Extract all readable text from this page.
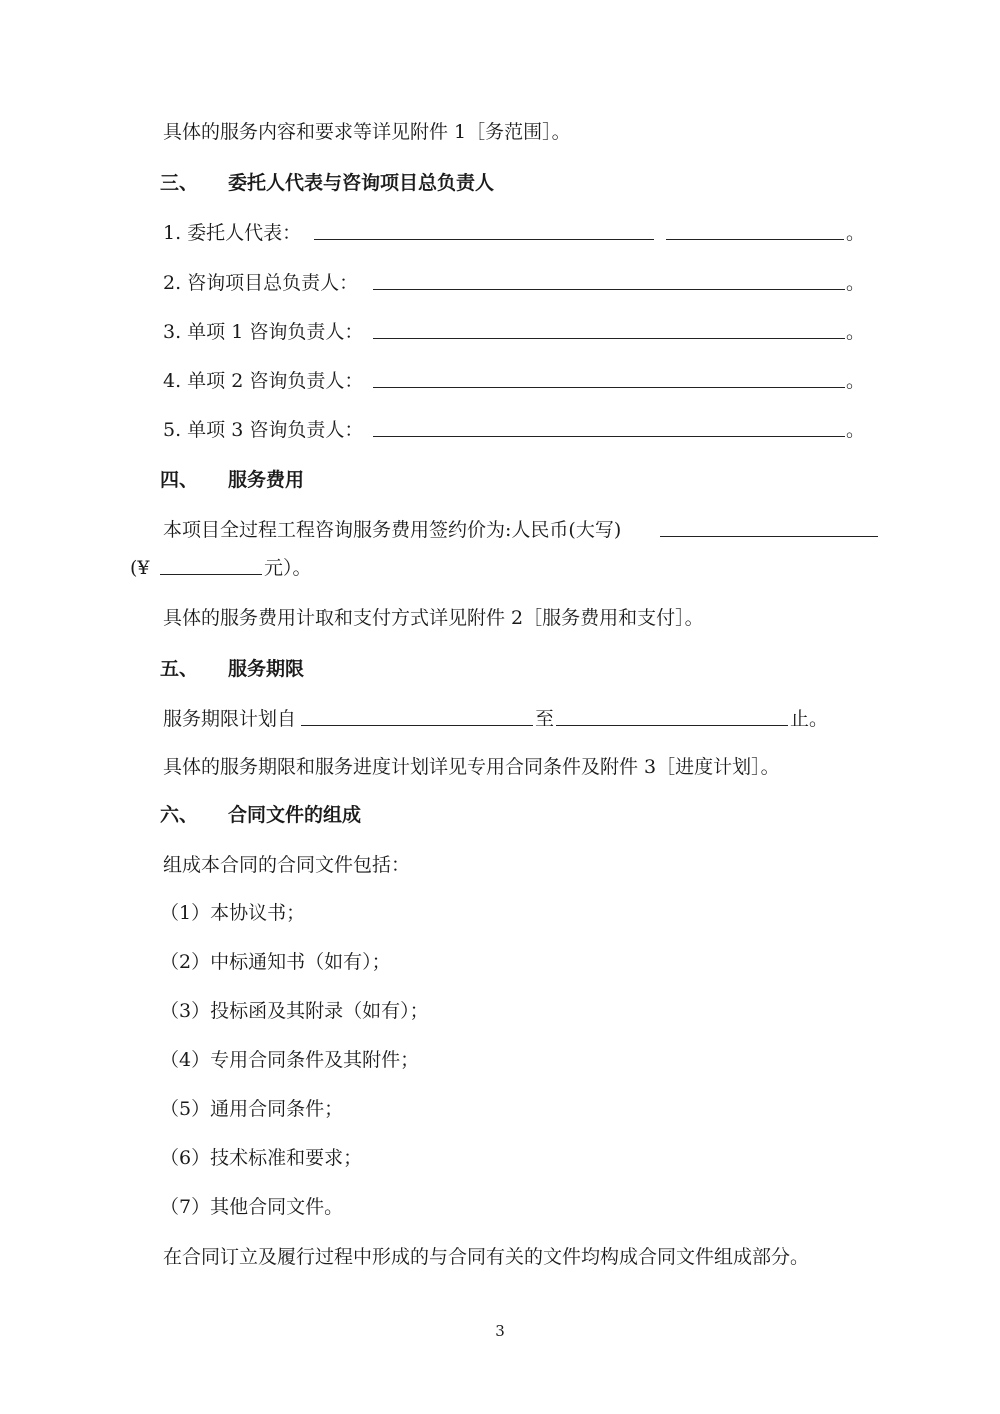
具体的服务内容和要求等详见附件 1［务范围］。
三、 委托人代表与咨询项目总负责人
1. 委托人代表：	。
2. 咨询项目总负责人：	。
3. 单项 1 咨询负责人：	。
4. 单项 2 咨询负责人：	。
5. 单项 3 咨询负责人：	。
四、 服务费用
本项目全过程工程咨询服务费用签约价为:人民币(大写)
(¥	元）。
具体的服务费用计取和支付方式详见附件 2［服务费用和支付］。
五、 服务期限
服务期限计划自	至	止。
具体的服务期限和服务进度计划详见专用合同条件及附件 3［进度计划］。
六、 合同文件的组成
组成本合同的合同文件包括：
（1）本协议书；
（2）中标通知书（如有）；
（3）投标函及其附录（如有）；
（4）专用合同条件及其附件；
（5）通用合同条件；
（6）技术标准和要求；
（7）其他合同文件。
在合同订立及履行过程中形成的与合同有关的文件均构成合同文件组成部分。
3
